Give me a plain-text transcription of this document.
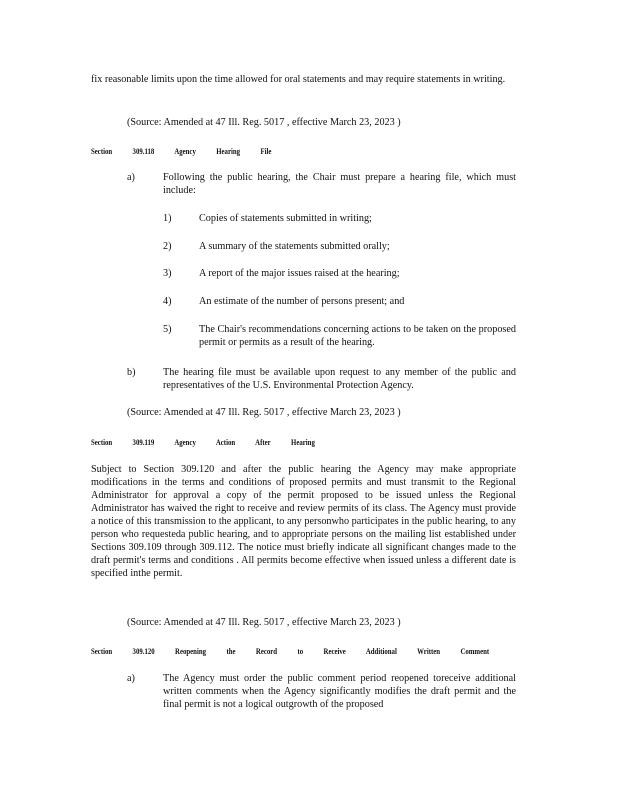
fix reasonable limits upon the time allowed for oral statements and may require statements in writing.
(Source: Amended at 47 Ill. Reg. 5017 , effective March 23, 2023 )
Section	309.118	Agency	Hearing	File
a)	Following the public hearing, the Chair must prepare a hearing file, which must include:
1)	Copies of statements submitted in writing;
2)	A summary of the statements submitted orally;
3)	A report of the major issues raised at the hearing;
4)	An estimate of the number of persons present; and
5)	The Chair's recommendations concerning actions to be taken on the proposed permit or permits as a result of the hearing.
b)	The hearing file must be available upon request to any member of the public and representatives of the U.S. Environmental Protection Agency.
(Source: Amended at 47 Ill. Reg. 5017 , effective March 23, 2023 )
Section	309.119	Agency	Action	After	Hearing
Subject to Section 309.120 and after the public hearing the Agency may make appropriate modifications in the terms and conditions of proposed permits and must transmit to the Regional Administrator for approval a copy of the permit proposed to be issued unless the Regional Administrator has waived the right to receive and review permits of its class. The Agency must provide a notice of this transmission to the applicant, to any personwho participates in the public hearing, to any person who requesteda public hearing, and to appropriate persons on the mailing list established under Sections 309.109 through 309.112. The notice must briefly indicate all significant changes made to the draft permit's terms and conditions . All permits become effective when issued unless a different date is specified inthe permit.
(Source: Amended at 47 Ill. Reg. 5017 , effective March 23, 2023 )
Section	309.120	Reopening	the	Record	to	Receive	Additional	Written	Comment
a)	The Agency must order the public comment period reopened toreceive additional written comments when the Agency significantly modifies the draft permit and the final permit is not a logical outgrowth of the proposed
